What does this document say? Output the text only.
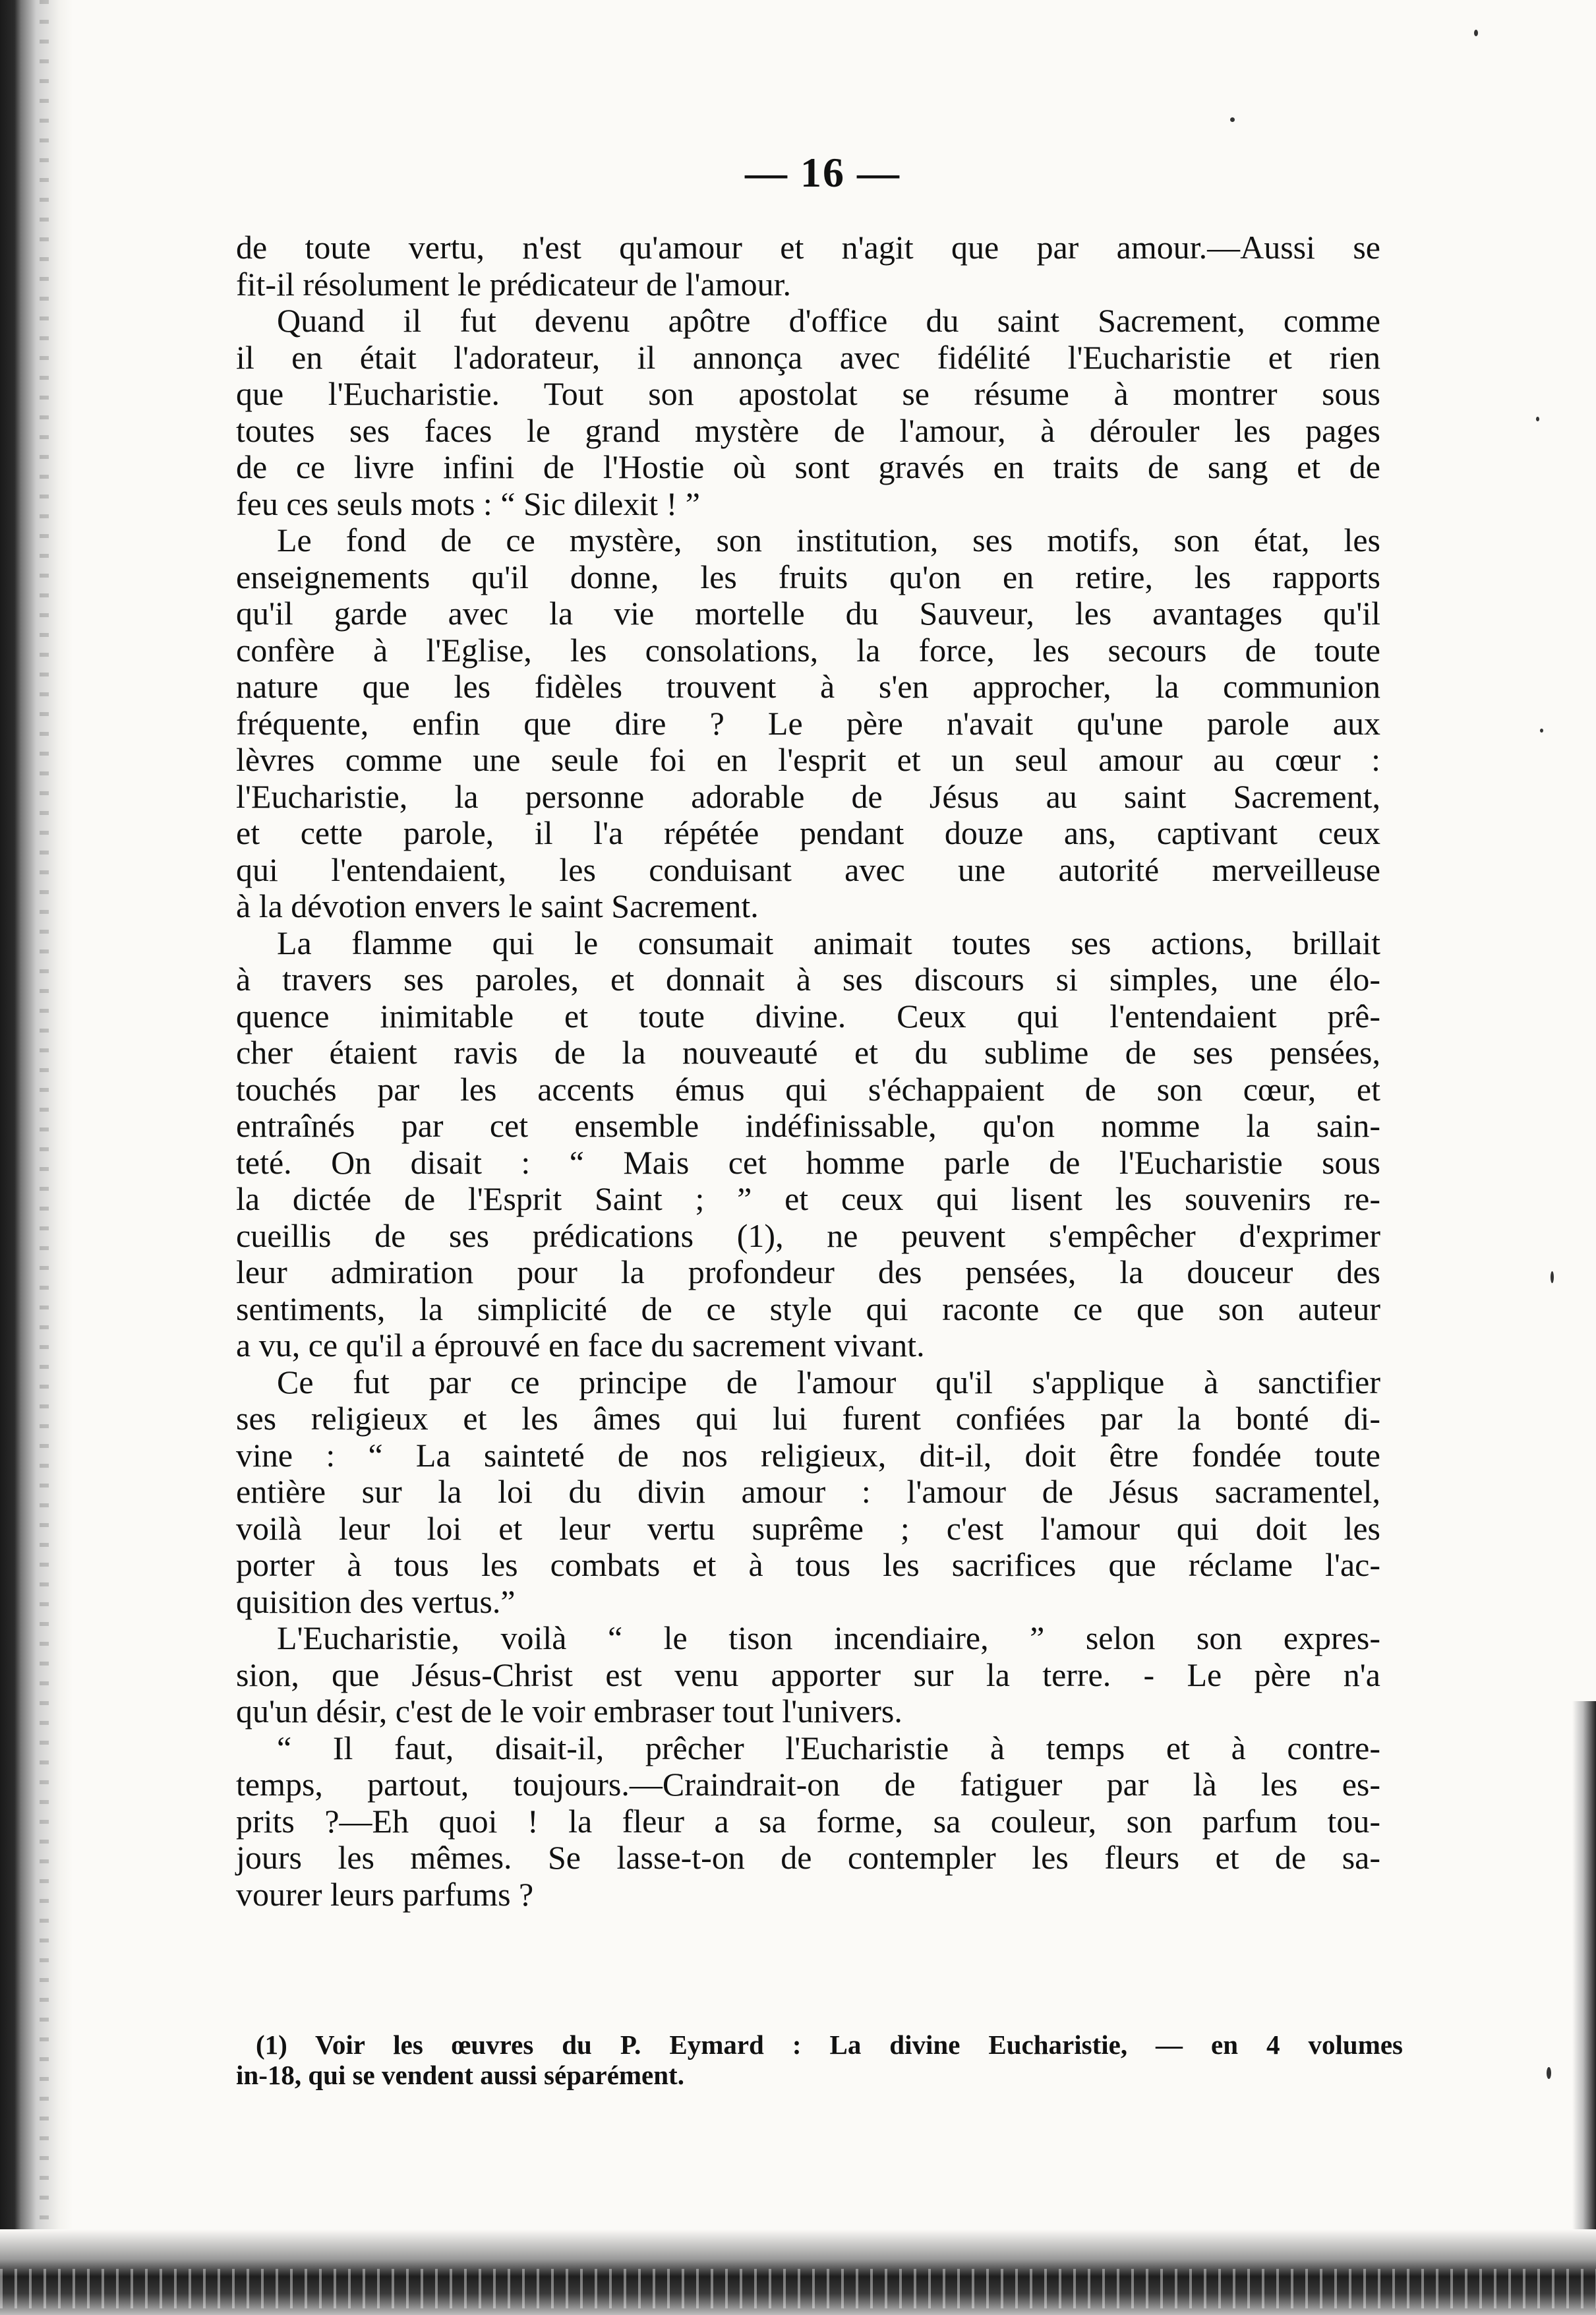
— 16 —
de toute vertu, n'est qu'amour et n'agit que par amour.—Aussi se
fit-il résolument le prédicateur de l'amour.
Quand il fut devenu apôtre d'office du saint Sacrement, comme
il en était l'adorateur, il annonça avec fidélité l'Eucharistie et rien
que l'Eucharistie. Tout son apostolat se résume à montrer sous
toutes ses faces le grand mystère de l'amour, à dérouler les pages
de ce livre infini de l'Hostie où sont gravés en traits de sang et de
feu ces seuls mots : “ Sic dilexit ! ”
Le fond de ce mystère, son institution, ses motifs, son état, les
enseignements qu'il donne, les fruits qu'on en retire, les rapports
qu'il garde avec la vie mortelle du Sauveur, les avantages qu'il
confère à l'Eglise, les consolations, la force, les secours de toute
nature que les fidèles trouvent à s'en approcher, la communion
fréquente, enfin que dire ? Le père n'avait qu'une parole aux
lèvres comme une seule foi en l'esprit et un seul amour au cœur :
l'Eucharistie, la personne adorable de Jésus au saint Sacrement,
et cette parole, il l'a répétée pendant douze ans, captivant ceux
qui l'entendaient, les conduisant avec une autorité merveilleuse
à la dévotion envers le saint Sacrement.
La flamme qui le consumait animait toutes ses actions, brillait
à travers ses paroles, et donnait à ses discours si simples, une élo-
quence inimitable et toute divine. Ceux qui l'entendaient prê-
cher étaient ravis de la nouveauté et du sublime de ses pensées,
touchés par les accents émus qui s'échappaient de son cœur, et
entraînés par cet ensemble indéfinissable, qu'on nomme la sain-
teté. On disait : “ Mais cet homme parle de l'Eucharistie sous
la dictée de l'Esprit Saint ; ” et ceux qui lisent les souvenirs re-
cueillis de ses prédications (1), ne peuvent s'empêcher d'exprimer
leur admiration pour la profondeur des pensées, la douceur des
sentiments, la simplicité de ce style qui raconte ce que son auteur
a vu, ce qu'il a éprouvé en face du sacrement vivant.
Ce fut par ce principe de l'amour qu'il s'applique à sanctifier
ses religieux et les âmes qui lui furent confiées par la bonté di-
vine : “ La sainteté de nos religieux, dit-il, doit être fondée toute
entière sur la loi du divin amour : l'amour de Jésus sacramentel,
voilà leur loi et leur vertu suprême ; c'est l'amour qui doit les
porter à tous les combats et à tous les sacrifices que réclame l'ac-
quisition des vertus.”
L'Eucharistie, voilà “ le tison incendiaire, ” selon son expres-
sion, que Jésus-Christ est venu apporter sur la terre. - Le père n'a
qu'un désir, c'est de le voir embraser tout l'univers.
“ Il faut, disait-il, prêcher l'Eucharistie à temps et à contre-
temps, partout, toujours.—Craindrait-on de fatiguer par là les es-
prits ?—Eh quoi ! la fleur a sa forme, sa couleur, son parfum tou-
jours les mêmes. Se lasse-t-on de contempler les fleurs et de sa-
vourer leurs parfums ?
(1) Voir les œuvres du P. Eymard : La divine Eucharistie, — en 4 volumes
in-18, qui se vendent aussi séparément.
